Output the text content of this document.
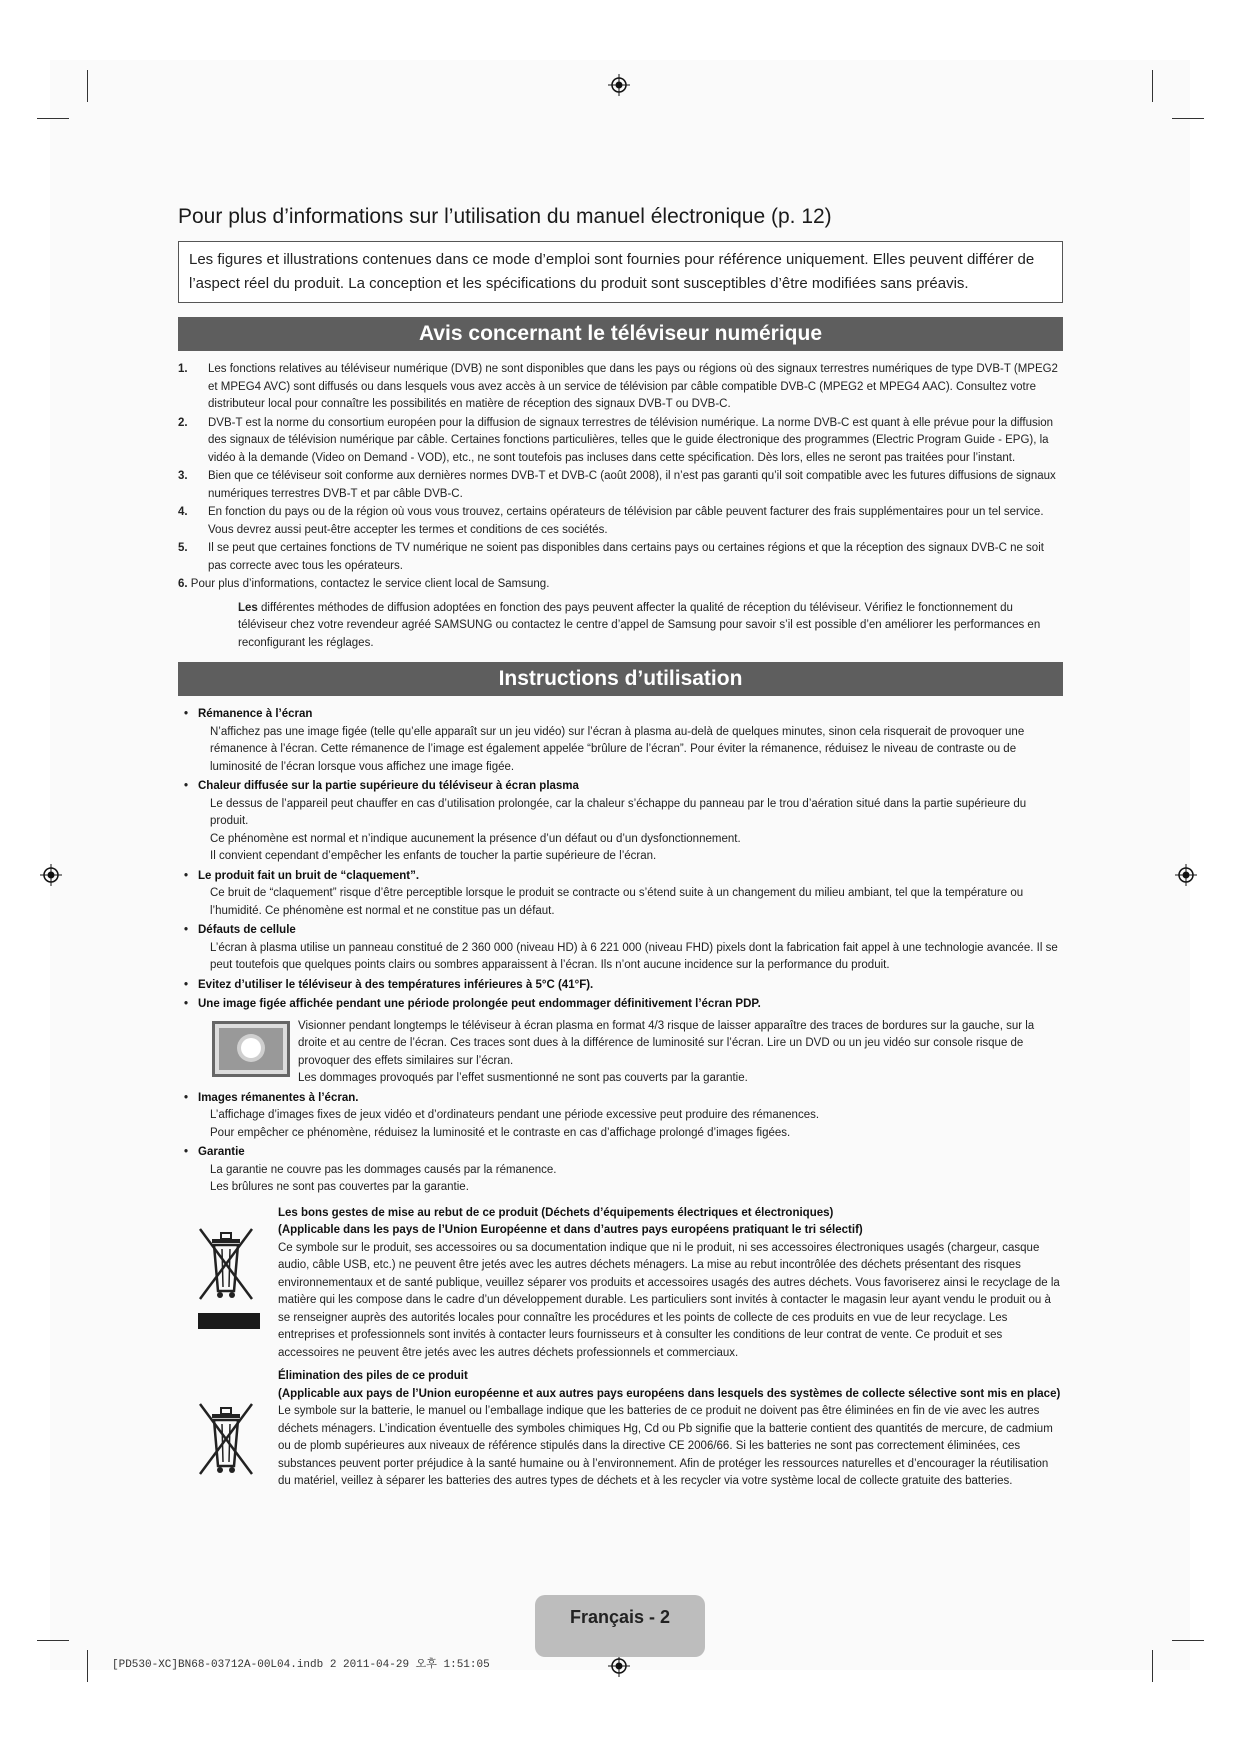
Pour plus d’informations sur l’utilisation du manuel électronique (p. 12)
Les figures et illustrations contenues dans ce mode d’emploi sont fournies pour référence uniquement. Elles peuvent différer de l’aspect réel du produit. La conception et les spécifications du produit sont susceptibles d’être modifiées sans préavis.
Avis concernant le téléviseur numérique
1. Les fonctions relatives au téléviseur numérique (DVB) ne sont disponibles que dans les pays ou régions où des signaux terrestres numériques de type DVB-T (MPEG2 et MPEG4 AVC) sont diffusés ou dans lesquels vous avez accès à un service de télévision par câble compatible DVB-C (MPEG2 et MPEG4 AAC). Consultez votre distributeur local pour connaître les possibilités en matière de réception des signaux DVB-T ou DVB-C.
2. DVB-T est la norme du consortium européen pour la diffusion de signaux terrestres de télévision numérique. La norme DVB-C est quant à elle prévue pour la diffusion des signaux de télévision numérique par câble. Certaines fonctions particulières, telles que le guide électronique des programmes (Electric Program Guide - EPG), la vidéo à la demande (Video on Demand - VOD), etc., ne sont toutefois pas incluses dans cette spécification. Dès lors, elles ne seront pas traitées pour l’instant.
3. Bien que ce téléviseur soit conforme aux dernières normes DVB-T et DVB-C (août 2008), il n’est pas garanti qu’il soit compatible avec les futures diffusions de signaux numériques terrestres DVB-T et par câble DVB-C.
4. En fonction du pays ou de la région où vous vous trouvez, certains opérateurs de télévision par câble peuvent facturer des frais supplémentaires pour un tel service. Vous devrez aussi peut-être accepter les termes et conditions de ces sociétés.
5. Il se peut que certaines fonctions de TV numérique ne soient pas disponibles dans certains pays ou certaines régions et que la réception des signaux DVB-C ne soit pas correcte avec tous les opérateurs.
6. Pour plus d’informations, contactez le service client local de Samsung.
Les différentes méthodes de diffusion adoptées en fonction des pays peuvent affecter la qualité de réception du téléviseur. Vérifiez le fonctionnement du téléviseur chez votre revendeur agréé SAMSUNG ou contactez le centre d’appel de Samsung pour savoir s’il est possible d’en améliorer les performances en reconfigurant les réglages.
Instructions d’utilisation
• Rémanence à l’écran
N’affichez pas une image figée (telle qu’elle apparaît sur un jeu vidéo) sur l’écran à plasma au-delà de quelques minutes, sinon cela risquerait de provoquer une rémanence à l’écran. Cette rémanence de l’image est également appelée “brûlure de l’écran”. Pour éviter la rémanence, réduisez le niveau de contraste ou de luminosité de l’écran lorsque vous affichez une image figée.
• Chaleur diffusée sur la partie supérieure du téléviseur à écran plasma
Le dessus de l’appareil peut chauffer en cas d’utilisation prolongée, car la chaleur s’échappe du panneau par le trou d’aération situé dans la partie supérieure du produit.
Ce phénomène est normal et n’indique aucunement la présence d’un défaut ou d’un dysfonctionnement.
Il convient cependant d’empêcher les enfants de toucher la partie supérieure de l’écran.
• Le produit fait un bruit de “claquement”.
Ce bruit de “claquement” risque d’être perceptible lorsque le produit se contracte ou s’étend suite à un changement du milieu ambiant, tel que la température ou l’humidité. Ce phénomène est normal et ne constitue pas un défaut.
• Défauts de cellule
L’écran à plasma utilise un panneau constitué de 2 360 000 (niveau HD) à 6 221 000 (niveau FHD) pixels dont la fabrication fait appel à une technologie avancée. Il se peut toutefois que quelques points clairs ou sombres apparaissent à l’écran. Ils n’ont aucune incidence sur la performance du produit.
• Evitez d’utiliser le téléviseur à des températures inférieures à 5°C (41°F).
• Une image figée affichée pendant une période prolongée peut endommager définitivement l’écran PDP.
Visionner pendant longtemps le téléviseur à écran plasma en format 4/3 risque de laisser apparaître des traces de bordures sur la gauche, sur la droite et au centre de l’écran. Ces traces sont dues à la différence de luminosité sur l’écran. Lire un DVD ou un jeu vidéo sur console risque de provoquer des effets similaires sur l’écran.
Les dommages provoqués par l’effet susmentionné ne sont pas couverts par la garantie.
• Images rémanentes à l’écran.
L’affichage d’images fixes de jeux vidéo et d’ordinateurs pendant une période excessive peut produire des rémanences.
Pour empêcher ce phénomène, réduisez la luminosité et le contraste en cas d’affichage prolongé d’images figées.
• Garantie
La garantie ne couvre pas les dommages causés par la rémanence.
Les brûlures ne sont pas couvertes par la garantie.
Les bons gestes de mise au rebut de ce produit (Déchets d’équipements électriques et électroniques)
(Applicable dans les pays de l’Union Européenne et dans d’autres pays européens pratiquant le tri sélectif)
Ce symbole sur le produit, ses accessoires ou sa documentation indique que ni le produit, ni ses accessoires électroniques usagés (chargeur, casque audio, câble USB, etc.) ne peuvent être jetés avec les autres déchets ménagers. La mise au rebut incontrôlée des déchets présentant des risques environnementaux et de santé publique, veuillez séparer vos produits et accessoires usagés des autres déchets. Vous favoriserez ainsi le recyclage de la matière qui les compose dans le cadre d’un développement durable. Les particuliers sont invités à contacter le magasin leur ayant vendu le produit ou à se renseigner auprès des autorités locales pour connaître les procédures et les points de collecte de ces produits en vue de leur recyclage. Les entreprises et professionnels sont invités à contacter leurs fournisseurs et à consulter les conditions de leur contrat de vente. Ce produit et ses accessoires ne peuvent être jetés avec les autres déchets professionnels et commerciaux.
Élimination des piles de ce produit
(Applicable aux pays de l’Union européenne et aux autres pays européens dans lesquels des systèmes de collecte sélective sont mis en place)
Le symbole sur la batterie, le manuel ou l’emballage indique que les batteries de ce produit ne doivent pas être éliminées en fin de vie avec les autres déchets ménagers. L’indication éventuelle des symboles chimiques Hg, Cd ou Pb signifie que la batterie contient des quantités de mercure, de cadmium ou de plomb supérieures aux niveaux de référence stipulés dans la directive CE 2006/66. Si les batteries ne sont pas correctement éliminées, ces substances peuvent porter préjudice à la santé humaine ou à l’environnement. Afin de protéger les ressources naturelles et d’encourager la réutilisation du matériel, veillez à séparer les batteries des autres types de déchets et à les recycler via votre système local de collecte gratuite des batteries.
Français - 2
[PD530-XC]BN68-03712A-00L04.indb 2 2011-04-29 오후 1:51:05
